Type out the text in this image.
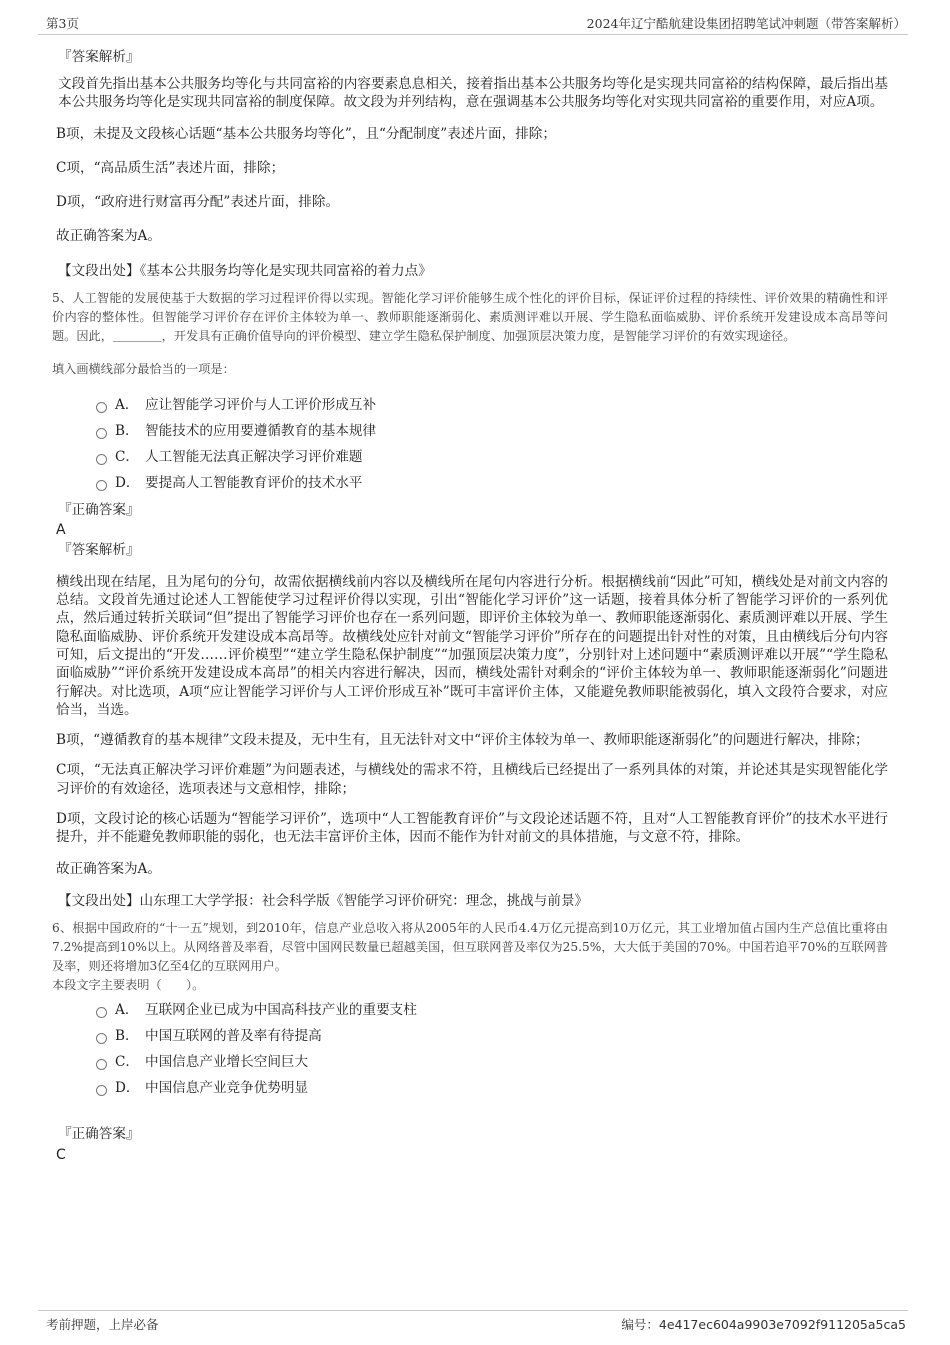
第3页	2024年辽宁酷航建设集团招聘笔试冲刺题（带答案解析）

『答案解析』

文段首先指出基本公共服务均等化与共同富裕的内容要素息息相关，接着指出基本公共服务均等化是实现共同富裕的结构保障，最后指出基本公共服务均等化是实现共同富裕的制度保障。故文段为并列结构，意在强调基本公共服务均等化对实现共同富裕的重要作用，对应A项。

B项，未提及文段核心话题“基本公共服务均等化”，且“分配制度”表述片面，排除；

C项，“高品质生活”表述片面，排除；

D项，“政府进行财富再分配”表述片面，排除。

故正确答案为A。

【文段出处】《基本公共服务均等化是实现共同富裕的着力点》

5、人工智能的发展使基于大数据的学习过程评价得以实现。智能化学习评价能够生成个性化的评价目标，保证评价过程的持续性、评价效果的精确性和评价内容的整体性。但智能学习评价存在评价主体较为单一、教师职能逐渐弱化、素质测评难以开展、学生隐私面临威胁、评价系统开发建设成本高昂等问题。因此，＿＿＿＿，开发具有正确价值导向的评价模型、建立学生隐私保护制度、加强顶层决策力度，是智能学习评价的有效实现途径。

填入画横线部分最恰当的一项是：

A． 应让智能学习评价与人工评价形成互补
B． 智能技术的应用要遵循教育的基本规律
C． 人工智能无法真正解决学习评价难题
D． 要提高人工智能教育评价的技术水平

『正确答案』

A

『答案解析』

横线出现在结尾，且为尾句的分句，故需依据横线前内容以及横线所在尾句内容进行分析。根据横线前“因此”可知，横线处是对前文内容的总结。文段首先通过论述人工智能使学习过程评价得以实现，引出“智能化学习评价”这一话题，接着具体分析了智能学习评价的一系列优点，然后通过转折关联词“但”提出了智能学习评价也存在一系列问题，即评价主体较为单一、教师职能逐渐弱化、素质测评难以开展、学生隐私面临威胁、评价系统开发建设成本高昂等。故横线处应针对前文“智能学习评价”所存在的问题提出针对性的对策，且由横线后分句内容可知，后文提出的“开发……评价模型”“建立学生隐私保护制度”“加强顶层决策力度”，分别针对上述问题中“素质测评难以开展”“学生隐私面临威胁”“评价系统开发建设成本高昂”的相关内容进行解决，因而，横线处需针对剩余的“评价主体较为单一、教师职能逐渐弱化”问题进行解决。对比选项，A项“应让智能学习评价与人工评价形成互补”既可丰富评价主体，又能避免教师职能被弱化，填入文段符合要求，对应恰当，当选。

B项，“遵循教育的基本规律”文段未提及，无中生有，且无法针对文中“评价主体较为单一、教师职能逐渐弱化”的问题进行解决，排除；

C项，“无法真正解决学习评价难题”为问题表述，与横线处的需求不符，且横线后已经提出了一系列具体的对策，并论述其是实现智能化学习评价的有效途径，选项表述与文意相悖，排除；

D项，文段讨论的核心话题为“智能学习评价”，选项中“人工智能教育评价”与文段论述话题不符，且对“人工智能教育评价”的技术水平进行提升，并不能避免教师职能的弱化，也无法丰富评价主体，因而不能作为针对前文的具体措施，与文意不符，排除。

故正确答案为A。

【文段出处】山东理工大学学报：社会科学版《智能学习评价研究：理念，挑战与前景》

6、根据中国政府的“十一五”规划，到2010年，信息产业总收入将从2005年的人民币4.4万亿元提高到10万亿元，其工业增加值占国内生产总值比重将由7.2%提高到10%以上。从网络普及率看，尽管中国网民数量已超越美国，但互联网普及率仅为25.5%，大大低于美国的70%。中国若追平70%的互联网普及率，则还将增加3亿至4亿的互联网用户。

本段文字主要表明（　　）。

A． 互联网企业已成为中国高科技产业的重要支柱
B． 中国互联网的普及率有待提高
C． 中国信息产业增长空间巨大
D． 中国信息产业竞争优势明显

『正确答案』

C

考前押题，上岸必备	编号：4e417ec604a9903e7092f911205a5ca5
